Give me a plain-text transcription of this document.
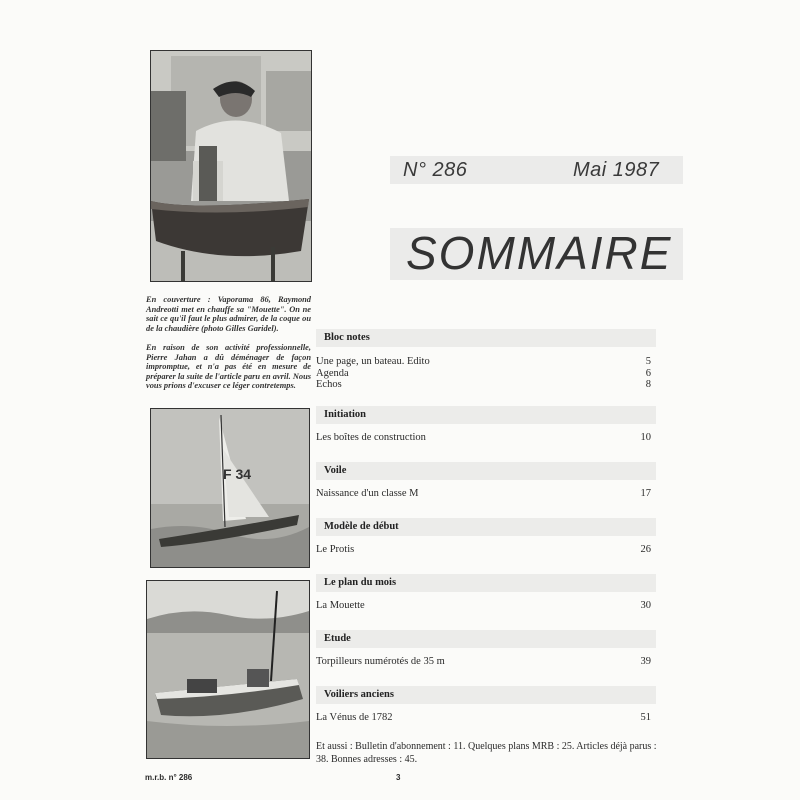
N° 286	Mai 1987
SOMMAIRE
En couverture : Vaporama 86, Raymond Andreotti met en chauffe sa "Mouette". On ne sait ce qu'il faut le plus admirer, de la coque ou de la chaudière (photo Gilles Garidel).
En raison de son activité professionnelle, Pierre Jahan a dû déménager de façon impromptue, et n'a pas été en mesure de préparer la suite de l'article paru en avril. Nous vous prions d'excuser ce léger contretemps.
F 34
Bloc notes
Une page, un bateau. Edito	5
Agenda	6
Echos	8
Initiation
Les boîtes de construction	10
Voile
Naissance d'un classe M	17
Modèle de début
Le Protis	26
Le plan du mois
La Mouette	30
Etude
Torpilleurs numérotés de 35 m	39
Voiliers anciens
La Vénus de 1782	51
Et aussi : Bulletin d'abonnement : 11. Quelques plans MRB : 25. Articles déjà parus : 38. Bonnes adresses : 45.
m.r.b. n° 286	3
